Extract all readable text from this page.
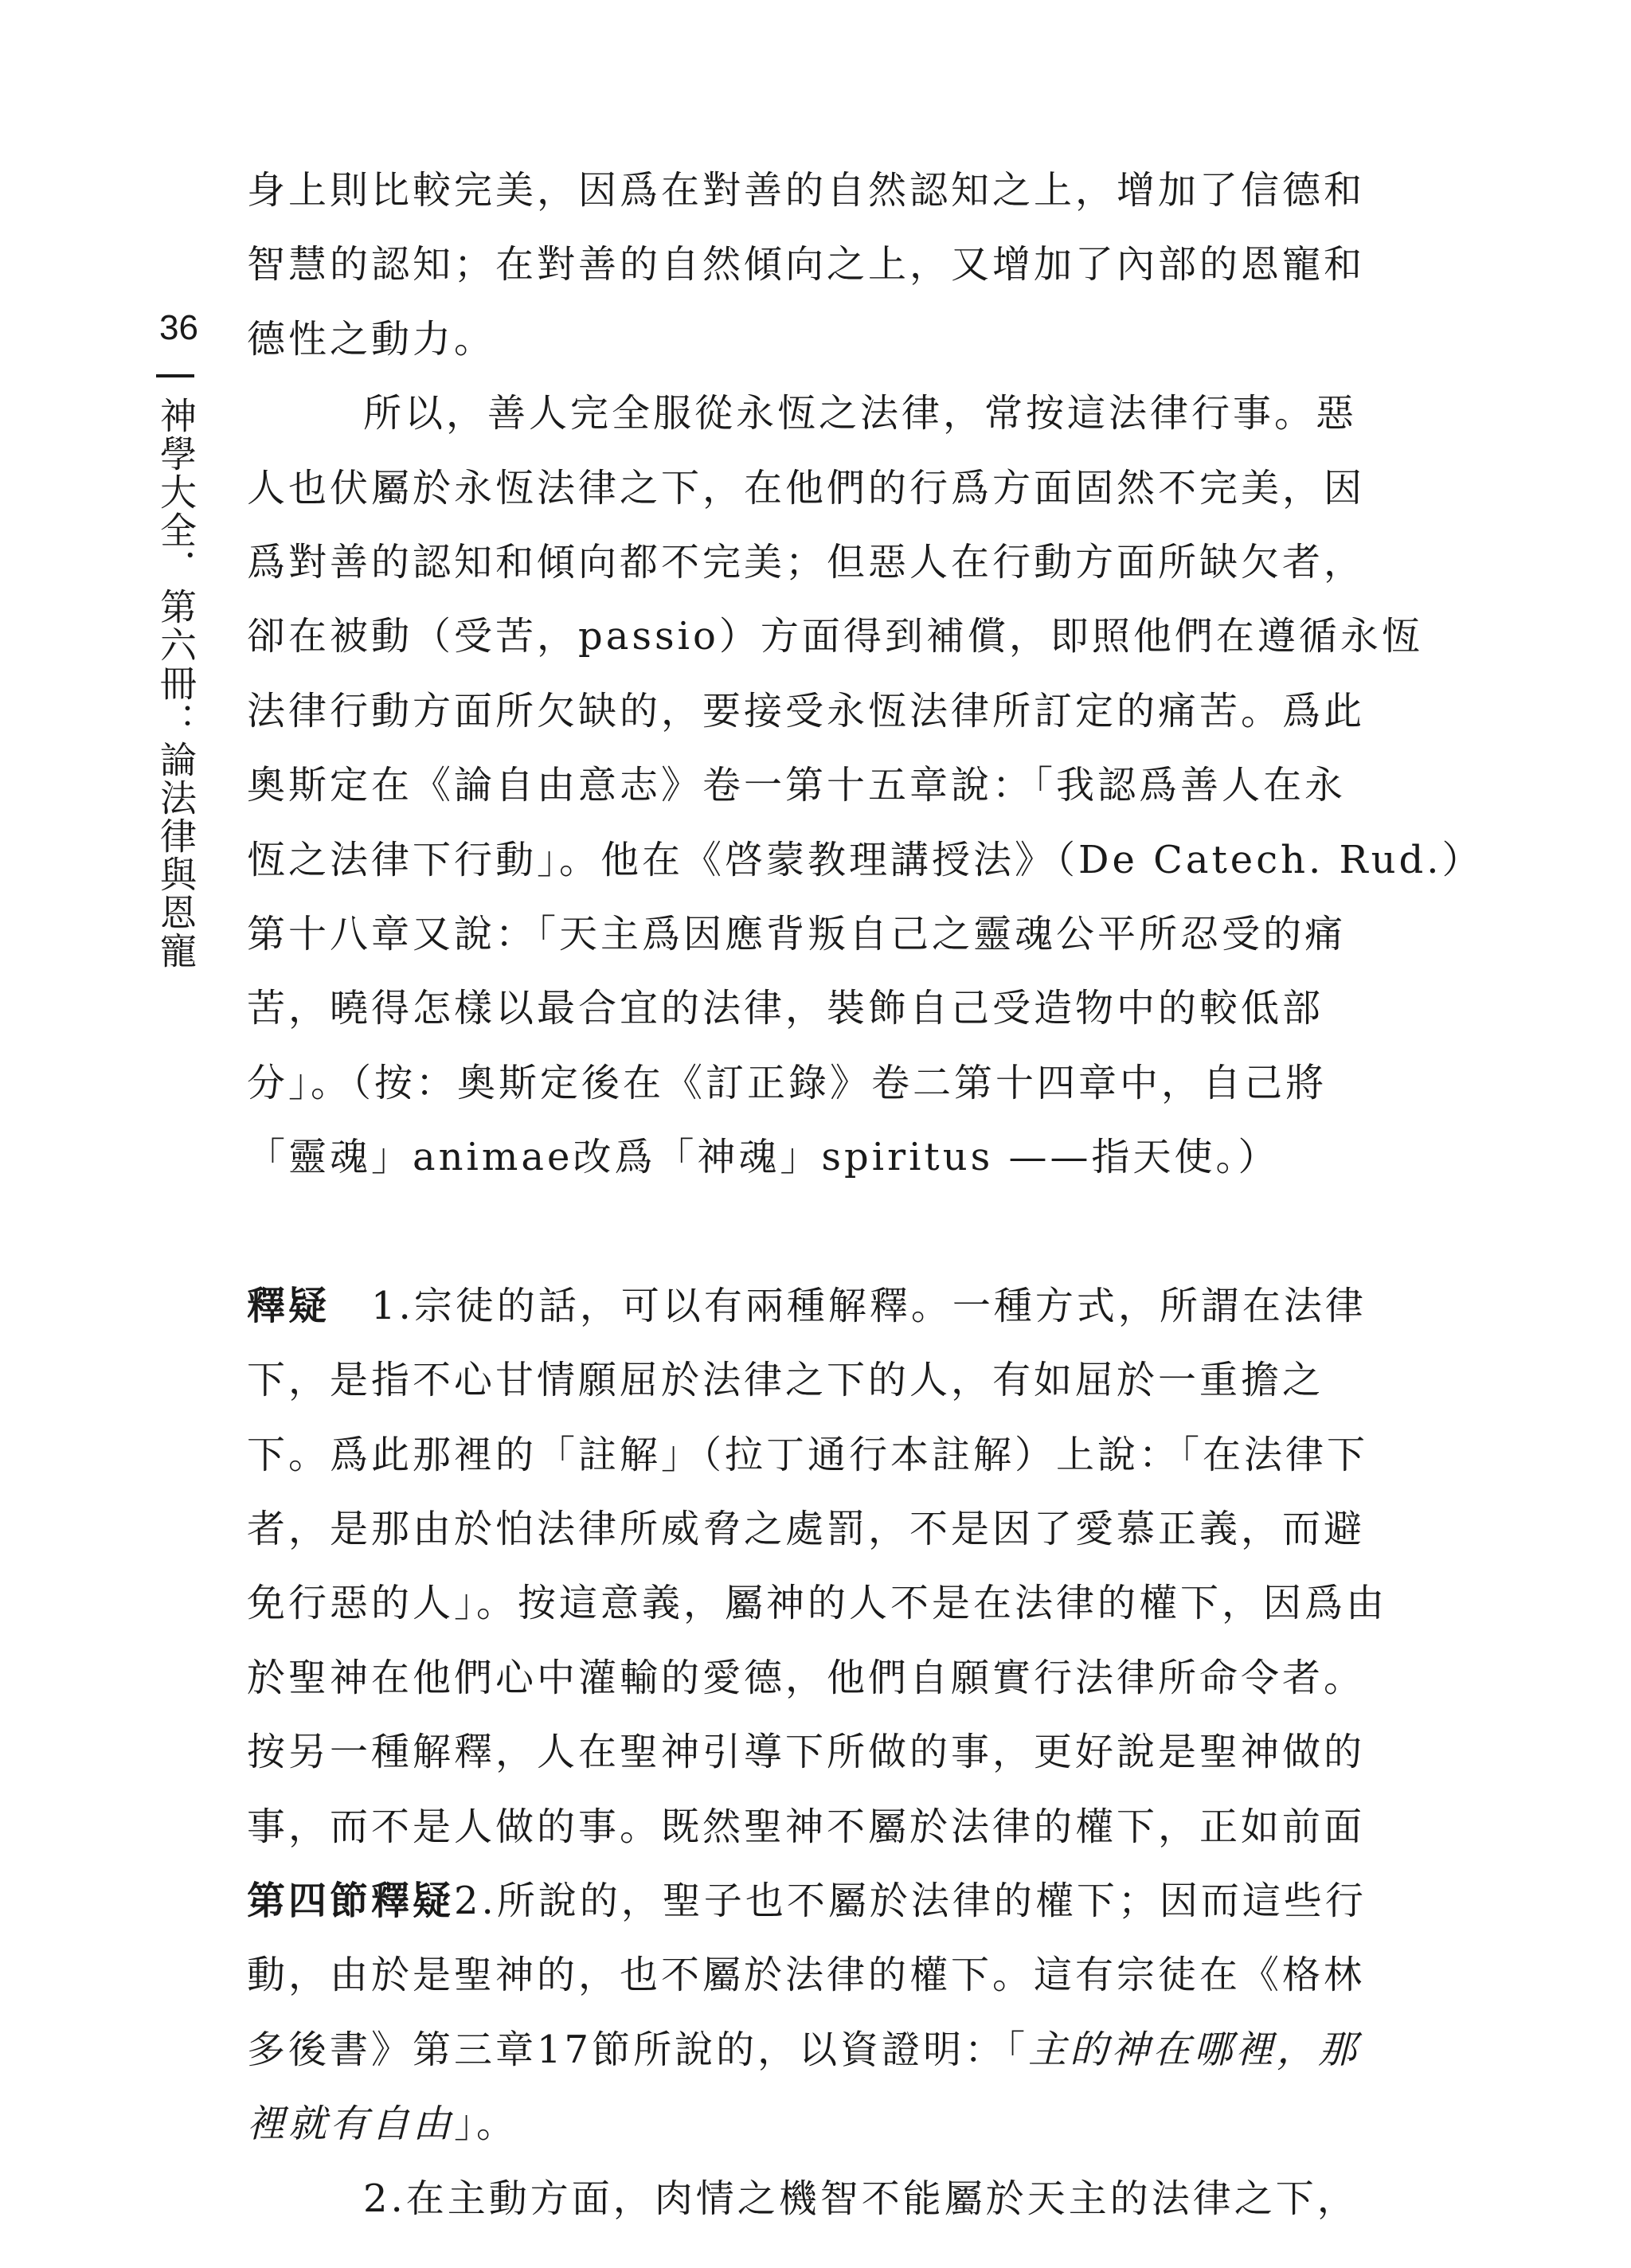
36
神學大全．第六冊：論法律與恩寵
身上則比較完美，因爲在對善的自然認知之上，增加了信德和
智慧的認知；在對善的自然傾向之上，又增加了內部的恩寵和
德性之動力。
所以，善人完全服從永恆之法律，常按這法律行事。惡
人也伏屬於永恆法律之下，在他們的行爲方面固然不完美，因
爲對善的認知和傾向都不完美；但惡人在行動方面所缺欠者，
卻在被動（受苦，passio）方面得到補償，即照他們在遵循永恆
法律行動方面所欠缺的，要接受永恆法律所訂定的痛苦。爲此
奧斯定在《論自由意志》卷一第十五章說：「我認爲善人在永
恆之法律下行動」。他在《啓蒙教理講授法》（De Catech. Rud.）
第十八章又說：「天主爲因應背叛自己之靈魂公平所忍受的痛
苦，曉得怎樣以最合宜的法律，裝飾自己受造物中的較低部
分」。（按：奧斯定後在《訂正錄》卷二第十四章中，自己將
「靈魂」animae改爲「神魂」spiritus ——指天使。）
釋疑　1.宗徒的話，可以有兩種解釋。一種方式，所謂在法律
下，是指不心甘情願屈於法律之下的人，有如屈於一重擔之
下。爲此那裡的「註解」（拉丁通行本註解）上說：「在法律下
者，是那由於怕法律所威脅之處罰，不是因了愛慕正義，而避
免行惡的人」。按這意義，屬神的人不是在法律的權下，因爲由
於聖神在他們心中灌輸的愛德，他們自願實行法律所命令者。
按另一種解釋，人在聖神引導下所做的事，更好說是聖神做的
事，而不是人做的事。既然聖神不屬於法律的權下，正如前面
第四節釋疑2.所說的，聖子也不屬於法律的權下；因而這些行
動，由於是聖神的，也不屬於法律的權下。這有宗徒在《格林
多後書》第三章17節所說的，以資證明：「主的神在哪裡，那
裡就有自由」。
2.在主動方面，肉情之機智不能屬於天主的法律之下，
